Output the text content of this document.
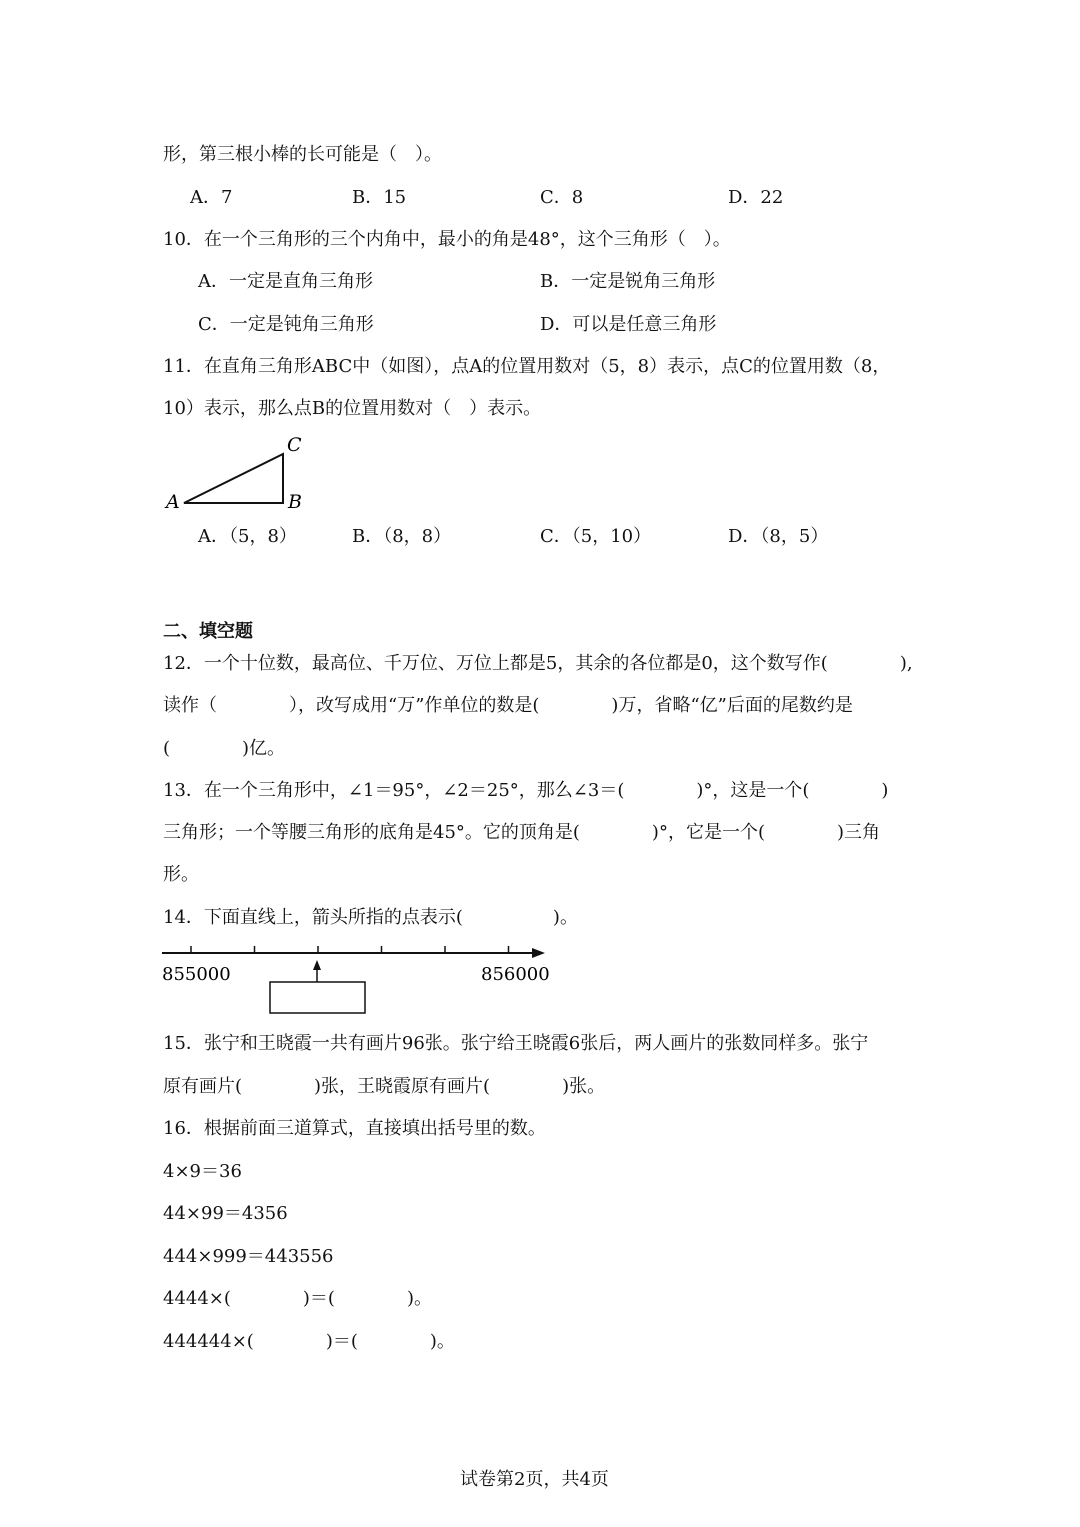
形，第三根小棒的长可能是（　）。
A．7	B．15	C．8	D．22
10．在一个三角形的三个内角中，最小的角是48°，这个三角形（　）。
A．一定是直角三角形	B．一定是锐角三角形
C．一定是钝角三角形	D．可以是任意三角形
11．在直角三角形ABC中（如图），点A的位置用数对（5，8）表示，点C的位置用数（8，
10）表示，那么点B的位置用数对（　）表示。
A	B
C
A．（5，8）	B．（8，8）	C．（5，10）	D．（8，5）
二、填空题
12．一个十位数，最高位、千万位、万位上都是5，其余的各位都是0，这个数写作(　　　　),
读作（　　　　），改写成用“万”作单位的数是(　　　　)万，省略“亿”后面的尾数约是
(　　　　)亿。
13．在一个三角形中，∠1＝95°，∠2＝25°，那么∠3＝(　　　　)°，这是一个(　　　　)
三角形；一个等腰三角形的底角是45°。它的顶角是(　　　　)°，它是一个(　　　　)三角
形。
14．下面直线上，箭头所指的点表示(　　　　　)。
855000	856000
15．张宁和王晓霞一共有画片96张。张宁给王晓霞6张后，两人画片的张数同样多。张宁
原有画片(　　　　)张，王晓霞原有画片(　　　　)张。
16．根据前面三道算式，直接填出括号里的数。
4×9＝36
44×99＝4356
444×999＝443556
4444×(　　　　)＝(　　　　)。
444444×(　　　　)＝(　　　　)。
试卷第2页，共4页
